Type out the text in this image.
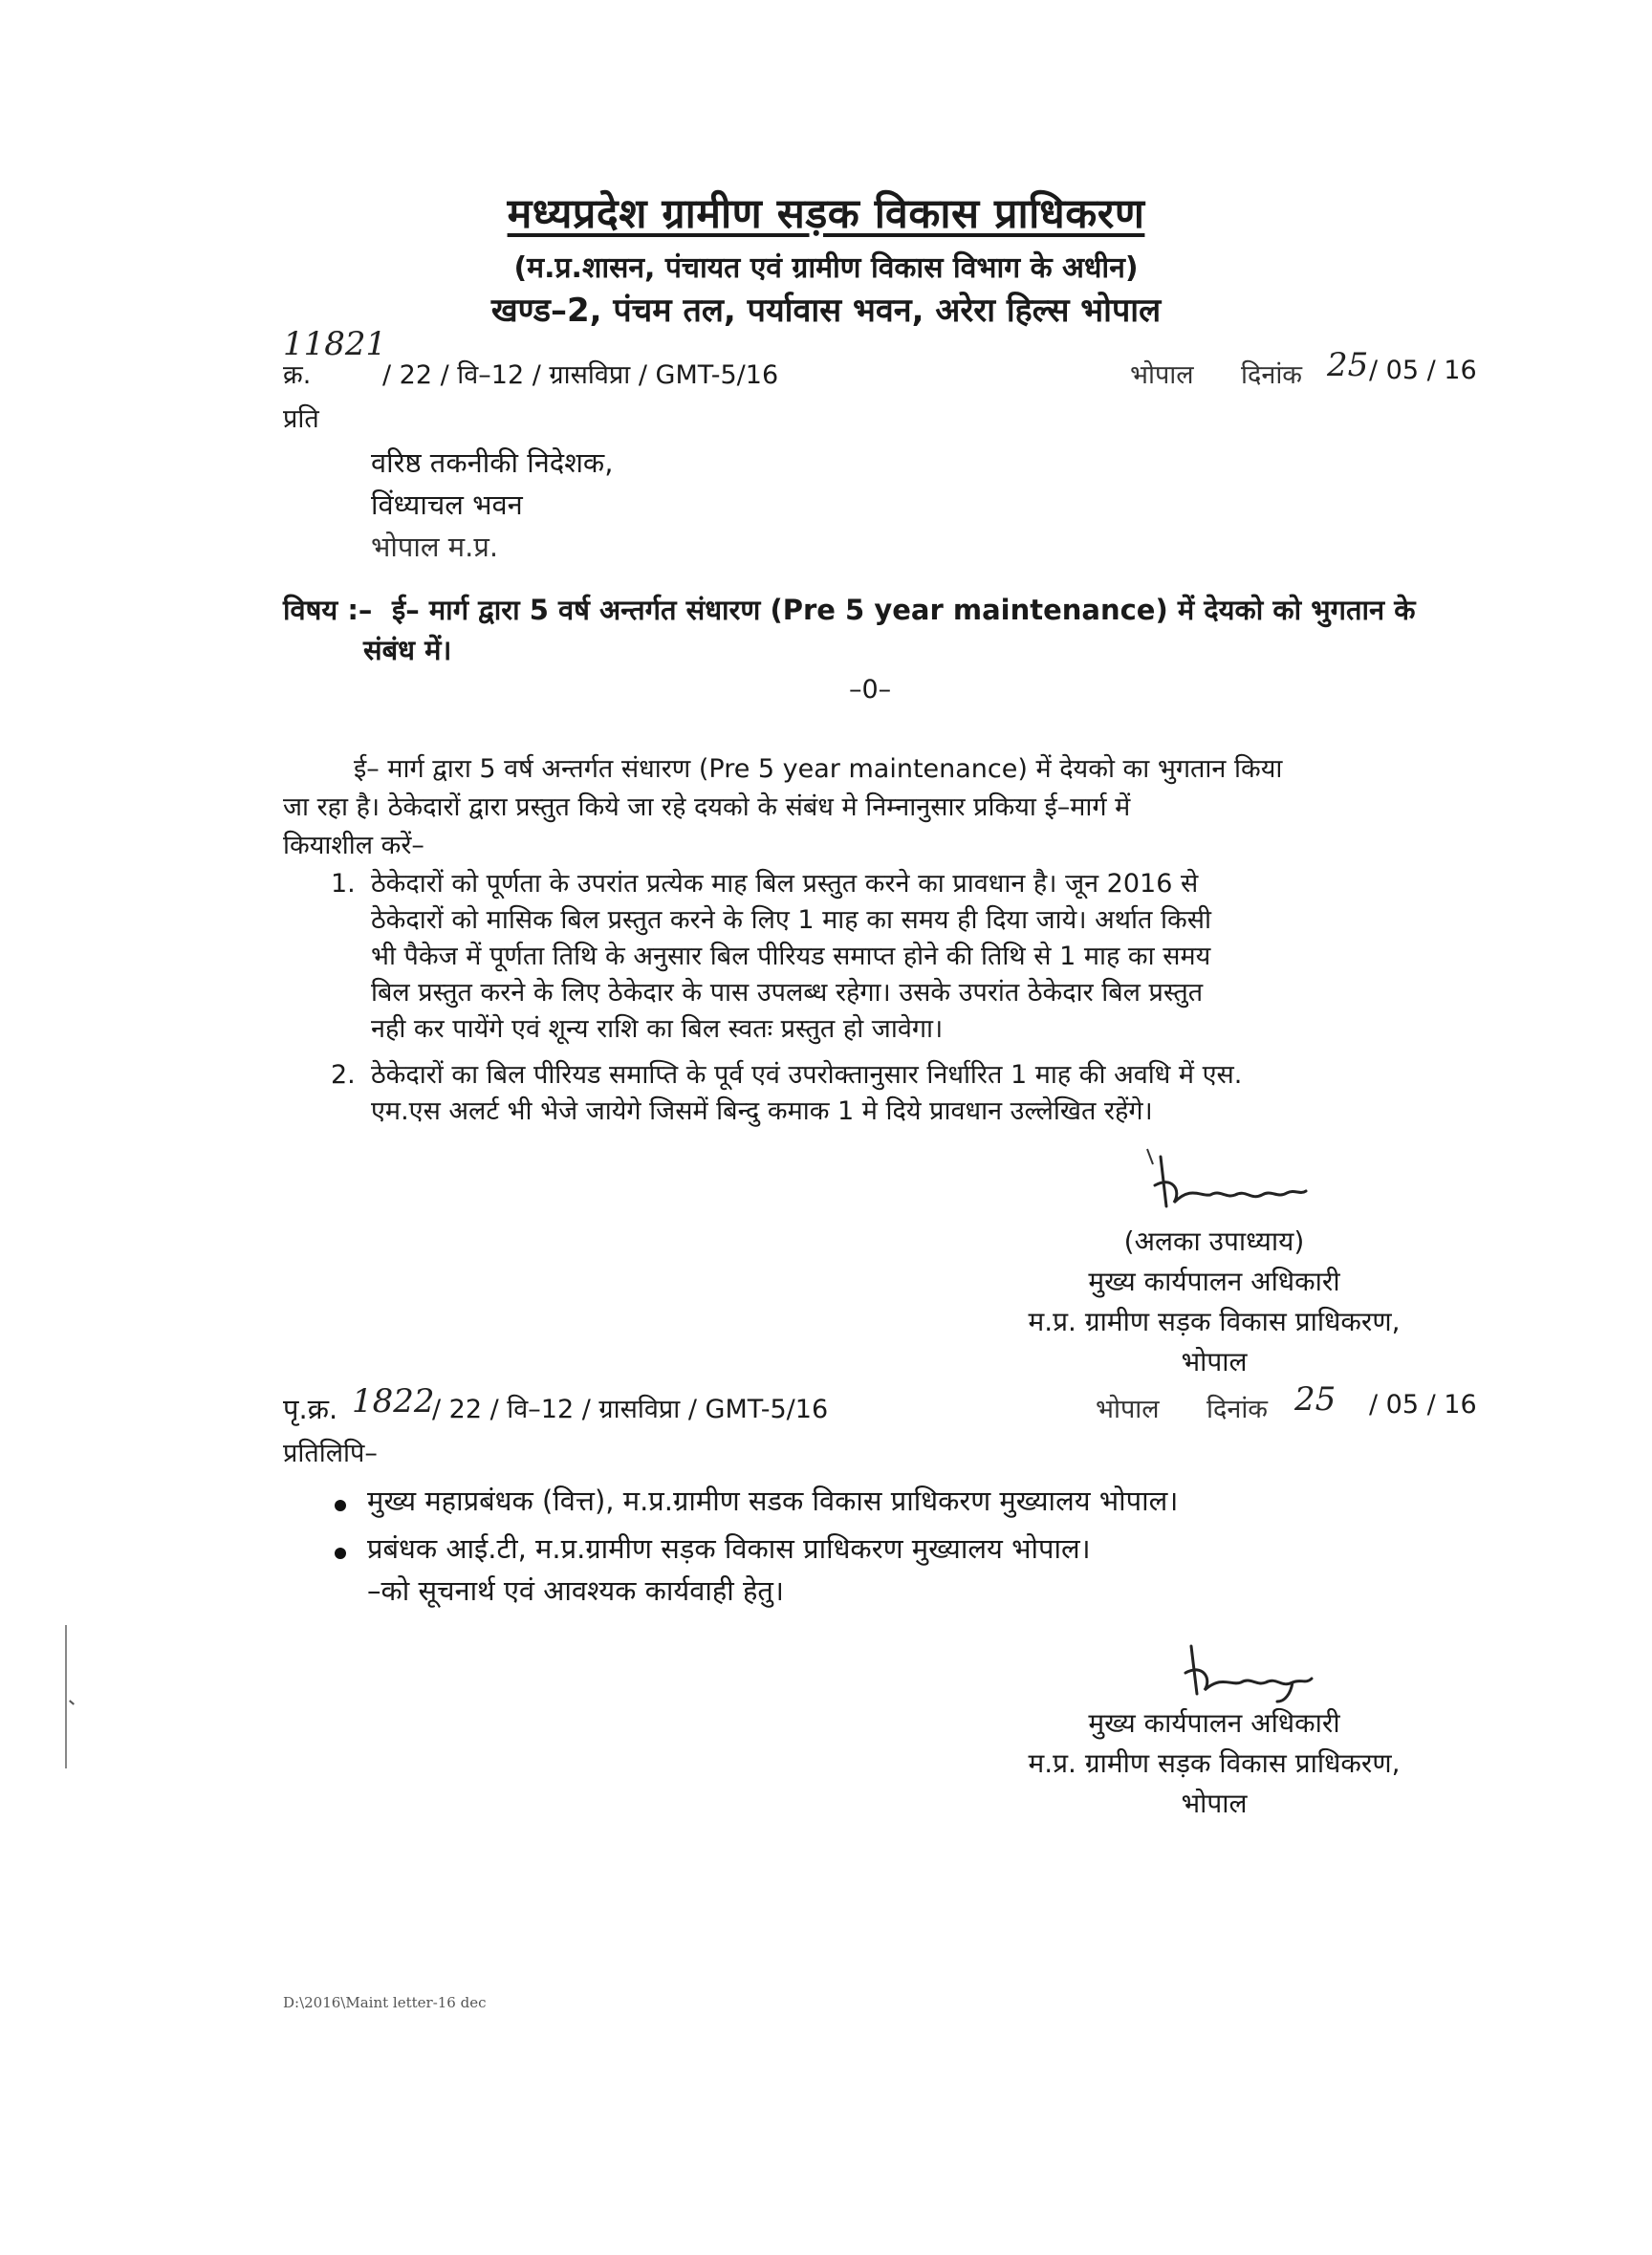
मध्यप्रदेश ग्रामीण सड़क विकास प्राधिकरण
(म.प्र.शासन, पंचायत एवं ग्रामीण विकास विभाग के अधीन)
खण्ड–2, पंचम तल, पर्यावास भवन, अरेरा हिल्स भोपाल
11821
क्र.	/ 22 / वि–12 / ग्रासविप्रा / GMT-5/16	भोपाल दिनांक 25 / 05 / 16
प्रति
वरिष्ठ तकनीकी निदेशक,
विंध्याचल भवन
भोपाल म.प्र.
विषय :– ई– मार्ग द्वारा 5 वर्ष अन्तर्गत संधारण (Pre 5 year maintenance) में देयको को भुगतान के
संबंध में।
–0–
ई– मार्ग द्वारा 5 वर्ष अन्तर्गत संधारण (Pre 5 year maintenance) में देयको का भुगतान किया
जा रहा है। ठेकेदारों द्वारा प्रस्तुत किये जा रहे दयको के संबंध मे निम्नानुसार प्रकिया ई–मार्ग में
कियाशील करें–
1. ठेकेदारों को पूर्णता के उपरांत प्रत्येक माह बिल प्रस्तुत करने का प्रावधान है। जून 2016 से
ठेकेदारों को मासिक बिल प्रस्तुत करने के लिए 1 माह का समय ही दिया जाये। अर्थात किसी
भी पैकेज में पूर्णता तिथि के अनुसार बिल पीरियड समाप्त होने की तिथि से 1 माह का समय
बिल प्रस्तुत करने के लिए ठेकेदार के पास उपलब्ध रहेगा। उसके उपरांत ठेकेदार बिल प्रस्तुत
नही कर पायेंगे एवं शून्य राशि का बिल स्वतः प्रस्तुत हो जावेगा।
2. ठेकेदारों का बिल पीरियड समाप्ति के पूर्व एवं उपरोक्तानुसार निर्धारित 1 माह की अवधि में एस.
एम.एस अलर्ट भी भेजे जायेगे जिसमें बिन्दु कमाक 1 मे दिये प्रावधान उल्लेखित रहेंगे।
(अलका उपाध्याय)
मुख्य कार्यपालन अधिकारी
म.प्र. ग्रामीण सड़क विकास प्राधिकरण,
भोपाल
पृ.क्र. 1822
/ 22 / वि–12 / ग्रासविप्रा / GMT-5/16	भोपाल दिनांक 25 / 05 / 16
प्रतिलिपि–
मुख्य महाप्रबंधक (वित्त), म.प्र.ग्रामीण सडक विकास प्राधिकरण मुख्यालय भोपाल।
प्रबंधक आई.टी, म.प्र.ग्रामीण सड़क विकास प्राधिकरण मुख्यालय भोपाल।
–को सूचनार्थ एवं आवश्यक कार्यवाही हेतु।
मुख्य कार्यपालन अधिकारी
म.प्र. ग्रामीण सड़क विकास प्राधिकरण,
भोपाल
D:\2016\Maint letter-16 dec
